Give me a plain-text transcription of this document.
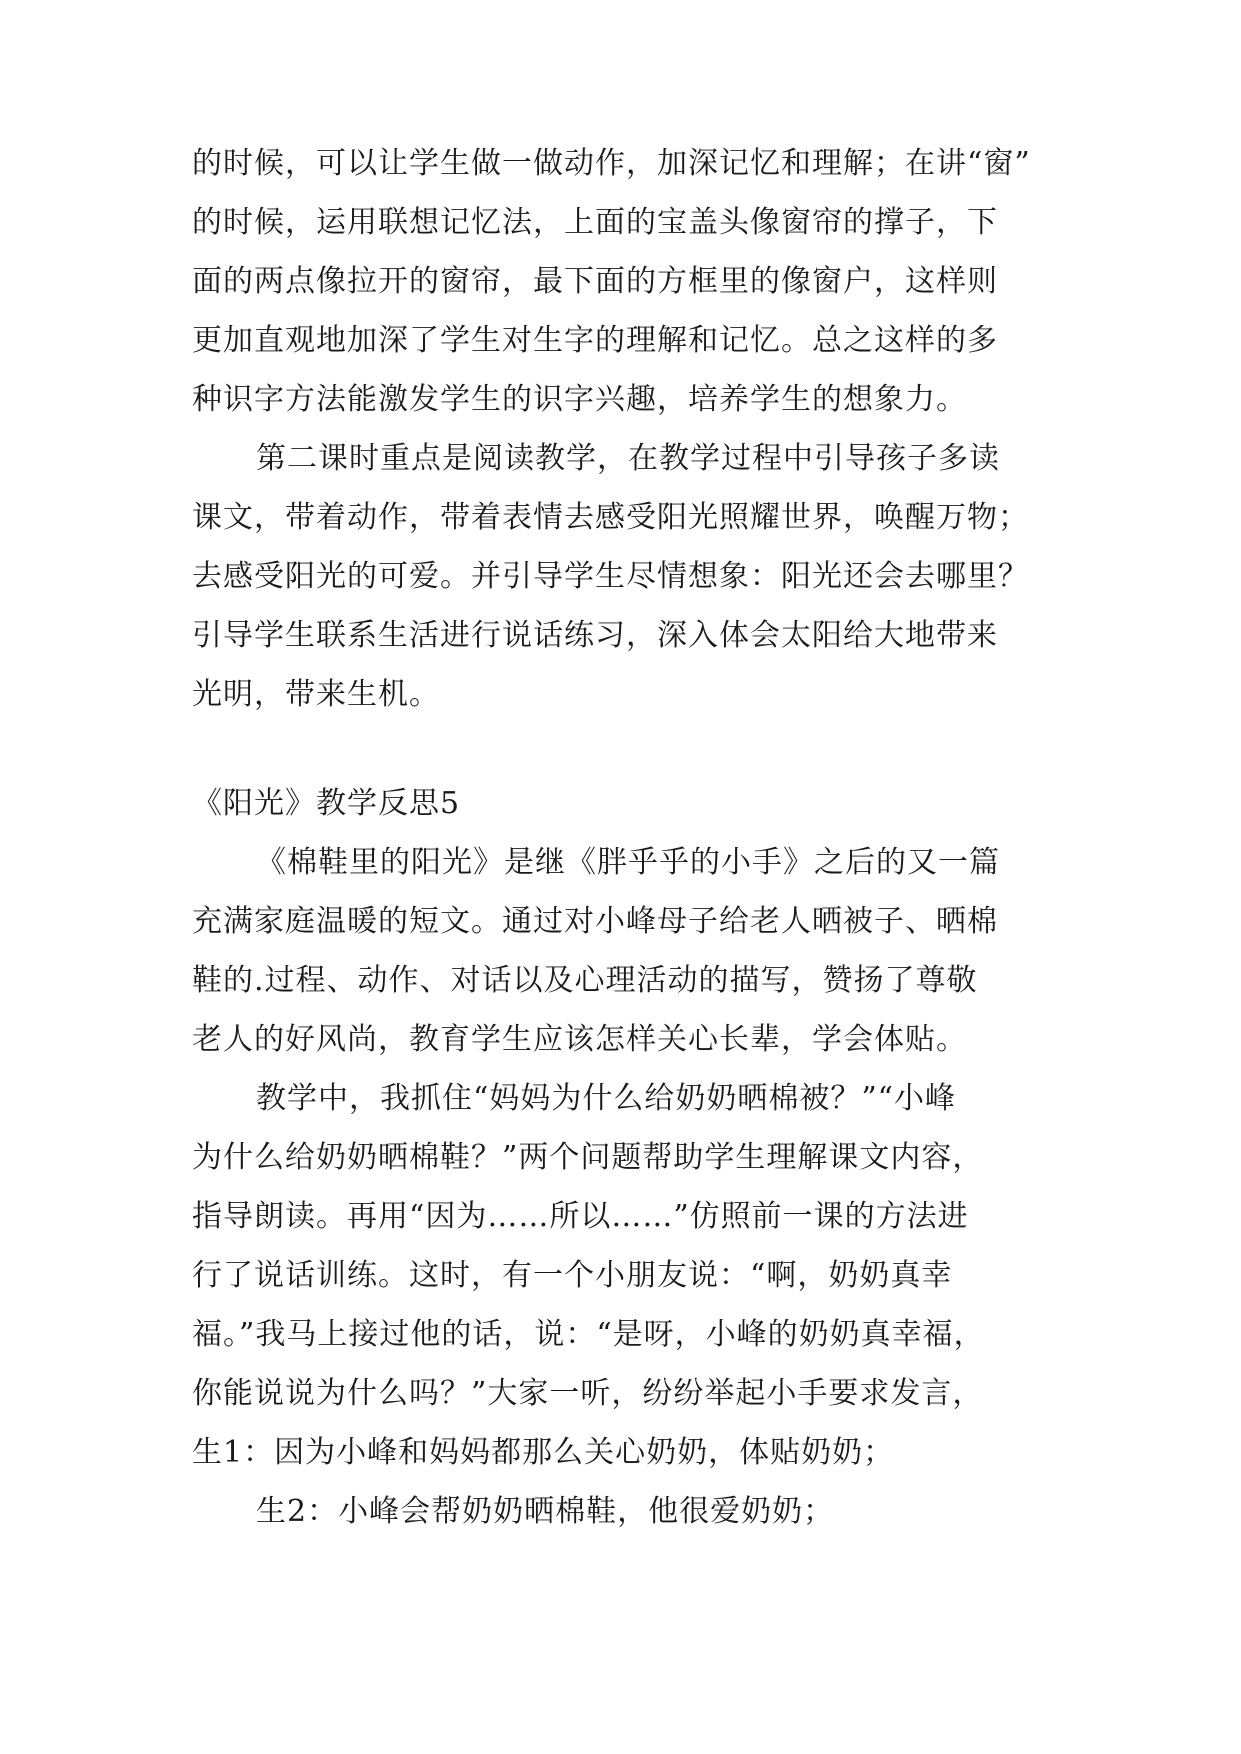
的时候，可以让学生做一做动作，加深记忆和理解；在讲“窗”
的时候，运用联想记忆法，上面的宝盖头像窗帘的撑子，下
面的两点像拉开的窗帘，最下面的方框里的像窗户，这样则
更加直观地加深了学生对生字的理解和记忆。总之这样的多
种识字方法能激发学生的识字兴趣，培养学生的想象力。
第二课时重点是阅读教学，在教学过程中引导孩子多读
课文，带着动作，带着表情去感受阳光照耀世界，唤醒万物；
去感受阳光的可爱。并引导学生尽情想象：阳光还会去哪里？
引导学生联系生活进行说话练习，深入体会太阳给大地带来
光明，带来生机。
《阳光》教学反思5
《棉鞋里的阳光》是继《胖乎乎的小手》之后的又一篇
充满家庭温暖的短文。通过对小峰母子给老人晒被子、晒棉
鞋的.过程、动作、对话以及心理活动的描写，赞扬了尊敬
老人的好风尚，教育学生应该怎样关心长辈，学会体贴。
教学中，我抓住“妈妈为什么给奶奶晒棉被？”“小峰
为什么给奶奶晒棉鞋？”两个问题帮助学生理解课文内容，
指导朗读。再用“因为……所以……”仿照前一课的方法进
行了说话训练。这时，有一个小朋友说：“啊，奶奶真幸
福。”我马上接过他的话，说：“是呀，小峰的奶奶真幸福，
你能说说为什么吗？”大家一听，纷纷举起小手要求发言，
生1：因为小峰和妈妈都那么关心奶奶，体贴奶奶；
生2：小峰会帮奶奶晒棉鞋，他很爱奶奶；
